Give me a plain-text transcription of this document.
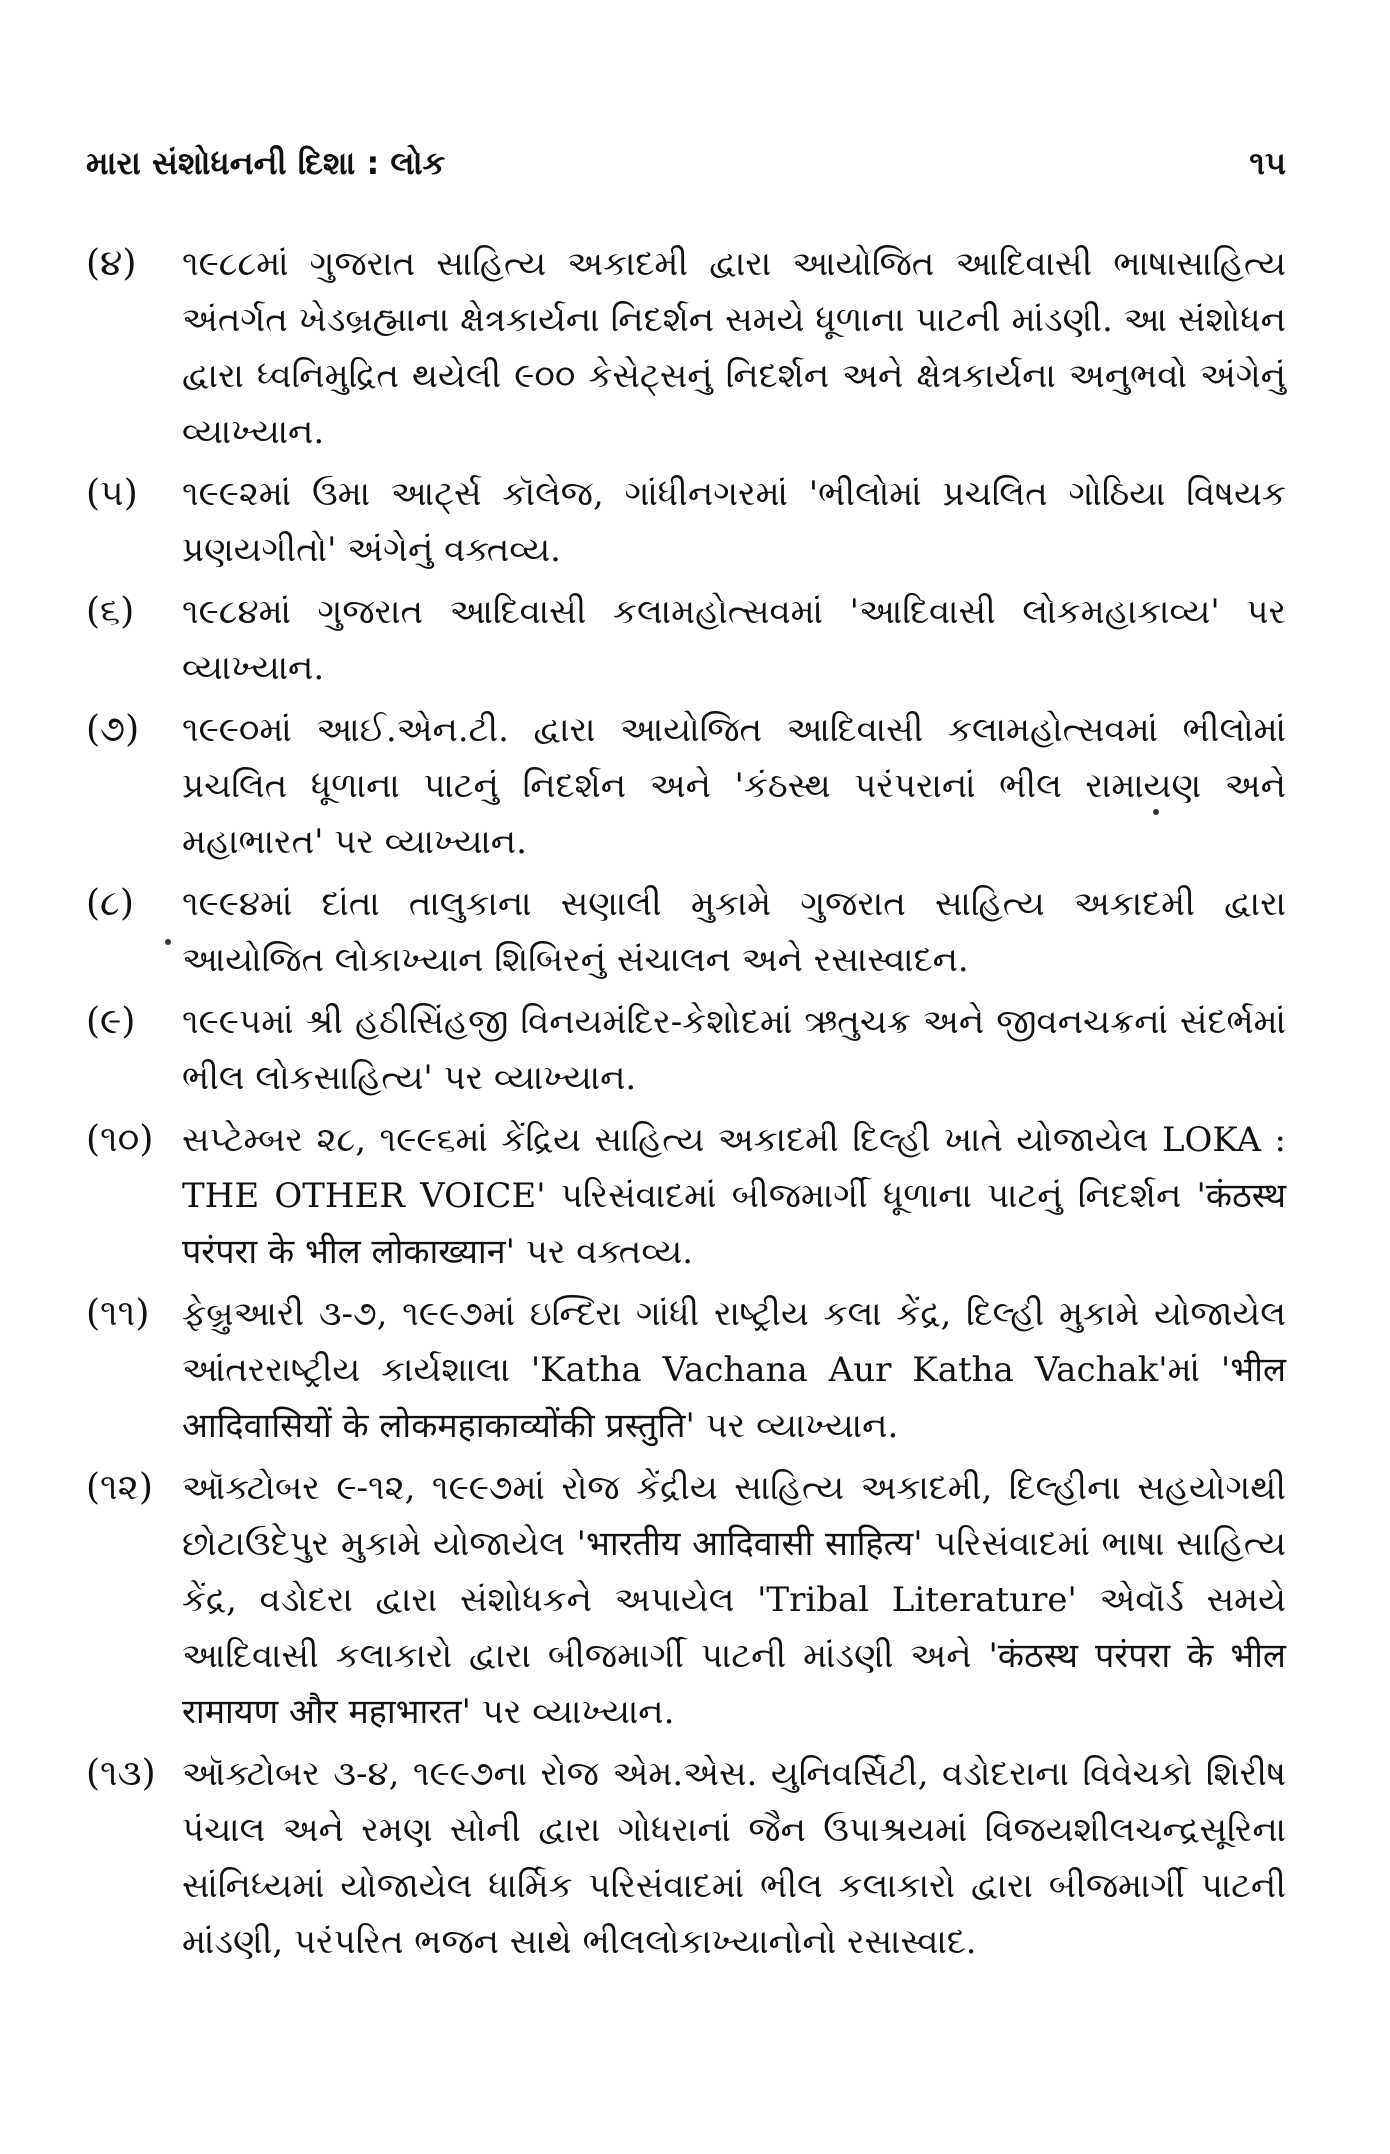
મારા સંશોધનની દિશા : લોક	૧૫
(૪)	૧૯૮૮માં ગુજરાત સાહિત્ય અકાદમી દ્વારા આયોજિત આદિવાસી ભાષાસાહિત્ય અંતર્ગત ખેડબ્રહ્માના ક્ષેત્રકાર્યના નિદર્શન સમયે ધૂળાના પાટની માંડણી. આ સંશોધન દ્વારા ધ્વનિમુદ્રિત થયેલી ૯૦૦ કેસેટ્સનું નિદર્શન અને ક્ષેત્રકાર્યના અનુભવો અંગેનું વ્યાખ્યાન.
(૫)	૧૯૯૨માં ઉમા આર્ટ્સ કૉલેજ, ગાંધીનગરમાં 'ભીલોમાં પ્રચલિત ગોઠિયા વિષયક પ્રણયગીતો' અંગેનું વક્તવ્ય.
(૬)	૧૯૮૪માં ગુજરાત આદિવાસી કલામહોત્સવમાં 'આદિવાસી લોકમહાકાવ્ય' પર વ્યાખ્યાન.
(૭)	૧૯૯૦માં આઈ.એન.ટી. દ્વારા આયોજિત આદિવાસી કલામહોત્સવમાં ભીલોમાં પ્રચલિત ધૂળાના પાટનું નિદર્શન અને 'કંઠસ્થ પરંપરાનાં ભીલ રામાયણ અને મહાભારત' પર વ્યાખ્યાન.
(૮)	૧૯૯૪માં દાંતા તાલુકાના સણાલી મુકામે ગુજરાત સાહિત્ય અકાદમી દ્વારા આયોજિત લોકાખ્યાન શિબિરનું સંચાલન અને રસાસ્વાદન.
(૯)	૧૯૯૫માં શ્રી હઠીસિંહજી વિનયમંદિર-કેશોદમાં ઋતુચક્ર અને જીવનચક્રનાં સંદર્ભમાં ભીલ લોકસાહિત્ય' પર વ્યાખ્યાન.
(૧૦) સપ્ટેમ્બર ૨૮, ૧૯૯૬માં કેંદ્રિય સાહિત્ય અકાદમી દિલ્હી ખાતે યોજાયેલ LOKA : THE OTHER VOICE' પરિસંવાદમાં બીજમાર્ગી ધૂળાના પાટનું નિદર્શન 'कंठस्थ परंपरा के भील लोकाख्यान' પર વક્તવ્ય.
(૧૧) ફેબ્રુઆરી ૩-૭, ૧૯૯૭માં ઇન્દિરા ગાંધી રાષ્ટ્રીય કલા કેંદ્ર, દિલ્હી મુકામે યોજાયેલ આંતરરાષ્ટ્રીય કાર્યશાલા 'Katha Vachana Aur Katha Vachak'માં 'भील आदिवासियों के लोकमहाकाव्योंकी प्रस्तुति' પર વ્યાખ્યાન.
(૧૨) ઑક્ટોબર ૯-૧૨, ૧૯૯૭માં રોજ કેંદ્રીય સાહિત્ય અકાદમી, દિલ્હીના સહયોગથી છોટાઉદેપુર મુકામે યોજાયેલ 'भारतीय आदिवासी साहित्य' પરિસંવાદમાં ભાષા સાહિત્ય કેંદ્ર, વડોદરા દ્વારા સંશોધકને અપાયેલ 'Tribal Literature' એવૉર્ડ સમયે આદિવાસી કલાકારો દ્વારા બીજમાર્ગી પાટની માંડણી અને 'कंठस्थ परंपरा के भील रामायण और महाभारत' પર વ્યાખ્યાન.
(૧૩) ઑક્ટોબર ૩-૪, ૧૯૯૭ના રોજ એમ.એસ. યુનિવર્સિટી, વડોદરાના વિવેચકો શિરીષ પંચાલ અને રમણ સોની દ્વારા ગોધરાનાં જૈન ઉપાશ્રયમાં વિજયશીલચન્દ્રસૂરિના સાંનિધ્યમાં યોજાયેલ ધાર્મિક પરિસંવાદમાં ભીલ કલાકારો દ્વારા બીજમાર્ગી પાટની માંડણી, પરંપરિત ભજન સાથે ભીલલોકાખ્યાનોનો રસાસ્વાદ.
